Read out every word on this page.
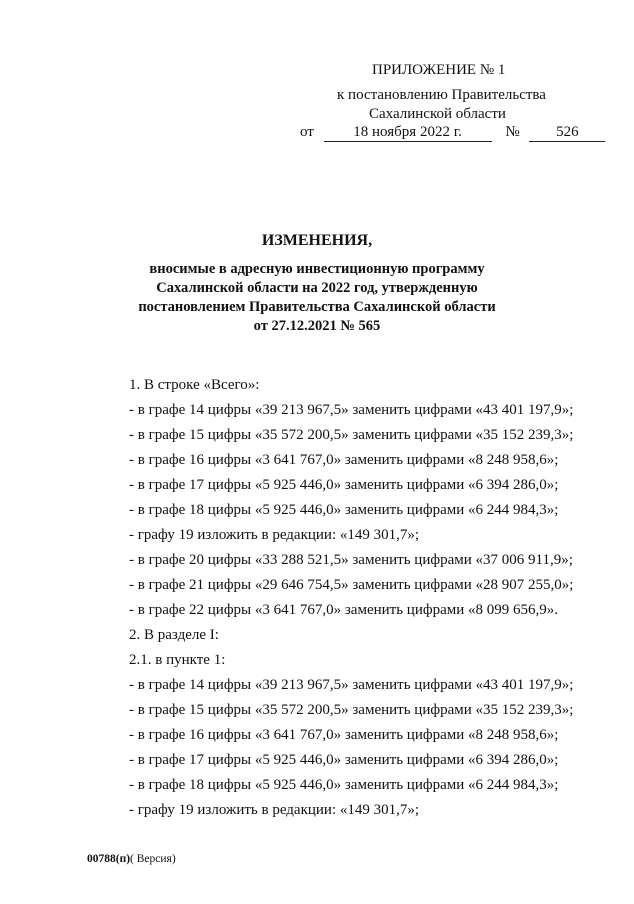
ПРИЛОЖЕНИЕ № 1
к постановлению Правительства
Сахалинской области
от	18 ноября 2022 г.	№ 526
ИЗМЕНЕНИЯ,
вносимые в адресную инвестиционную программу
Сахалинской области на 2022 год, утвержденную
постановлением Правительства Сахалинской области
от 27.12.2021 № 565
1. В строке «Всего»:
- в графе 14 цифры «39 213 967,5» заменить цифрами «43 401 197,9»;
- в графе 15 цифры «35 572 200,5» заменить цифрами «35 152 239,3»;
- в графе 16 цифры «3 641 767,0» заменить цифрами «8 248 958,6»;
- в графе 17 цифры «5 925 446,0» заменить цифрами «6 394 286,0»;
- в графе 18 цифры «5 925 446,0» заменить цифрами «6 244 984,3»;
- графу 19 изложить в редакции: «149 301,7»;
- в графе 20 цифры «33 288 521,5» заменить цифрами «37 006 911,9»;
- в графе 21 цифры «29 646 754,5» заменить цифрами «28 907 255,0»;
- в графе 22 цифры «3 641 767,0» заменить цифрами «8 099 656,9».
2. В разделе I:
2.1. в пункте 1:
- в графе 14 цифры «39 213 967,5» заменить цифрами «43 401 197,9»;
- в графе 15 цифры «35 572 200,5» заменить цифрами «35 152 239,3»;
- в графе 16 цифры «3 641 767,0» заменить цифрами «8 248 958,6»;
- в графе 17 цифры «5 925 446,0» заменить цифрами «6 394 286,0»;
- в графе 18 цифры «5 925 446,0» заменить цифрами «6 244 984,3»;
- графу 19 изложить в редакции: «149 301,7»;
00788(п)( Версия)
